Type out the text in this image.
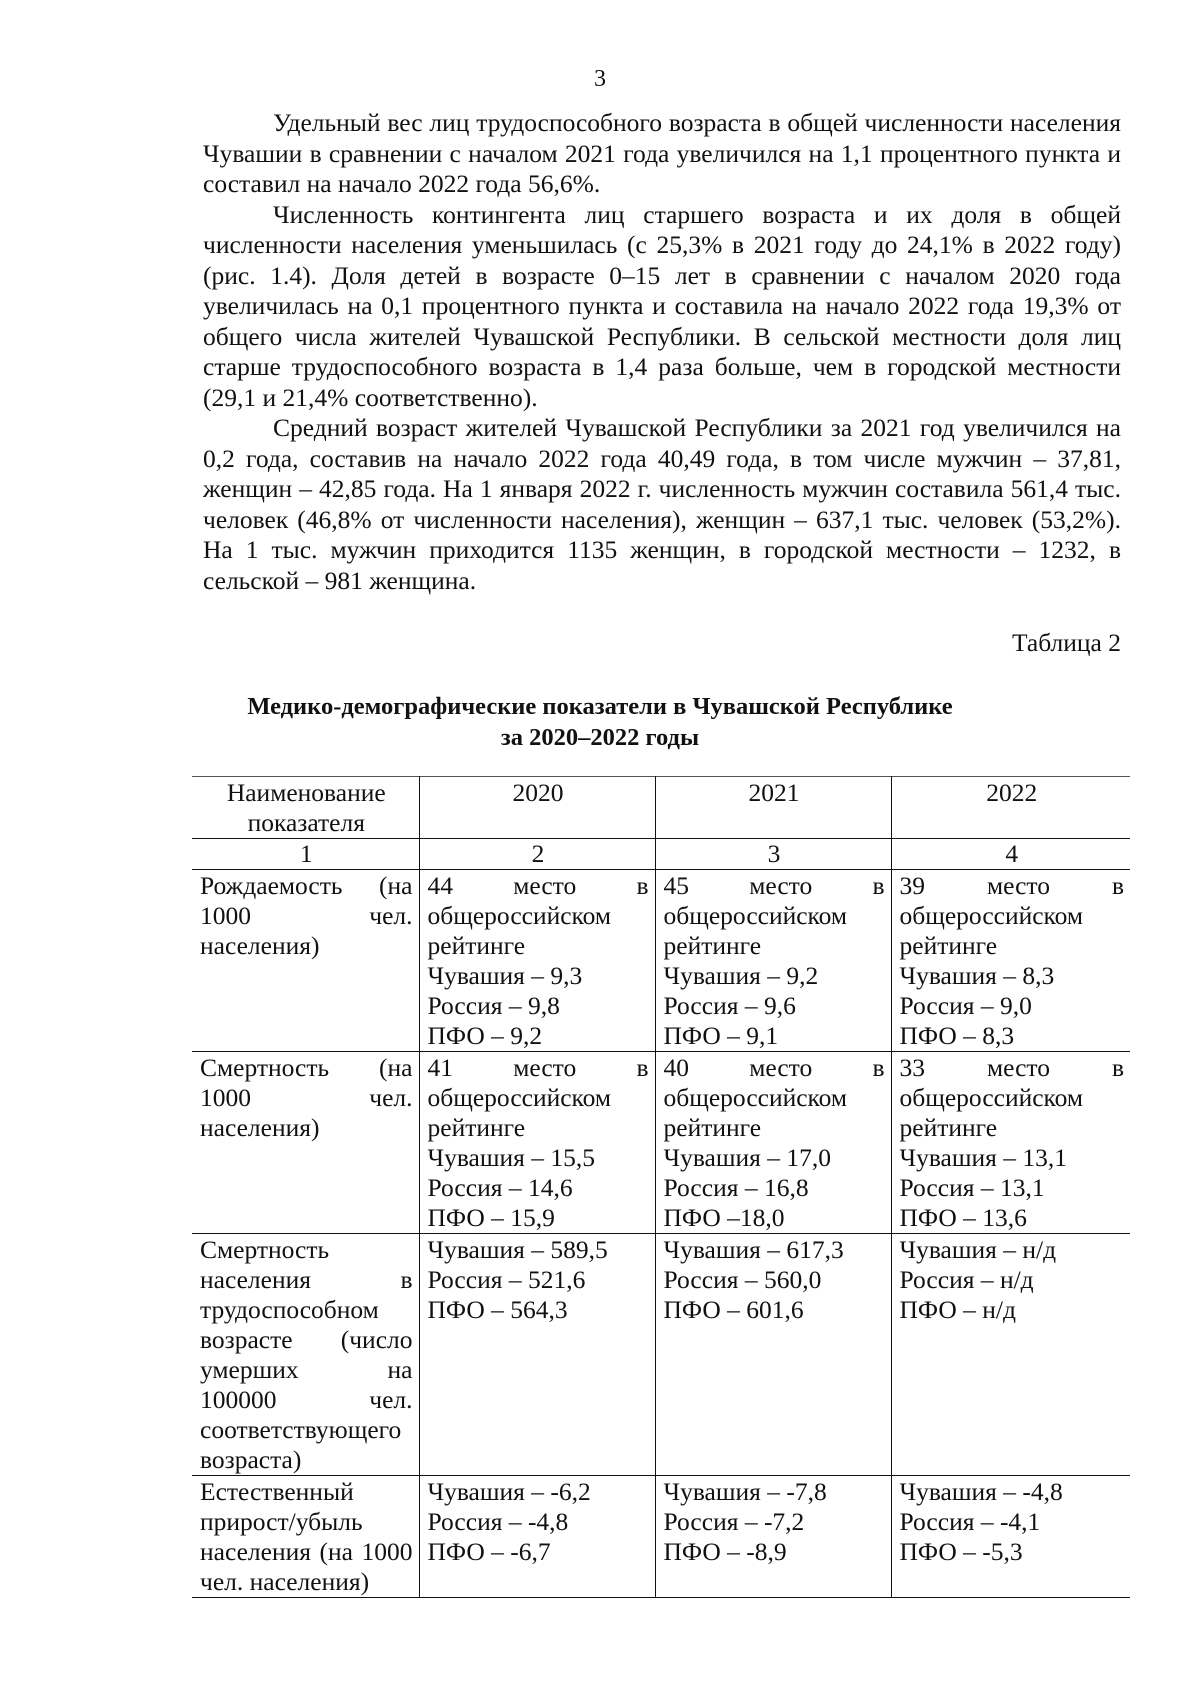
3

Удельный вес лиц трудоспособного возраста в общей численности населения Чувашии в сравнении с началом 2021 года увеличился на 1,1 процентного пункта и составил на начало 2022 года 56,6%.

Численность контингента лиц старшего возраста и их доля в общей численности населения уменьшилась (с 25,3% в 2021 году до 24,1% в 2022 году) (рис. 1.4). Доля детей в возрасте 0–15 лет в сравнении с началом 2020 года увеличилась на 0,1 процентного пункта и составила на начало 2022 года 19,3% от общего числа жителей Чувашской Республики. В сельской местности доля лиц старше трудоспособного возраста в 1,4 раза больше, чем в городской местности (29,1 и 21,4% соответственно).

Средний возраст жителей Чувашской Республики за 2021 год увеличился на 0,2 года, составив на начало 2022 года 40,49 года, в том числе мужчин – 37,81, женщин – 42,85 года. На 1 января 2022 г. численность мужчин составила 561,4 тыс. человек (46,8% от численности населения), женщин – 637,1 тыс. человек (53,2%). На 1 тыс. мужчин приходится 1135 женщин, в городской местности – 1232, в сельской – 981 женщина.

Таблица 2
Медико-демографические показатели в Чувашской Республике
за 2020–2022 годы
Наименование показателя	2020	2021	2022
1	2	3	4
Рождаемость (на 1000 чел. населения)	44 место в общероссийском рейтинге
Чувашия – 9,3
Россия – 9,8
ПФО – 9,2	45 место в общероссийском рейтинге
Чувашия – 9,2
Россия – 9,6
ПФО – 9,1	39 место в общероссийском рейтинге
Чувашия – 8,3
Россия – 9,0
ПФО – 8,3

Смертность (на 1000 чел. населения)	41 место в общероссийском рейтинге
Чувашия – 15,5
Россия – 14,6
ПФО – 15,9	40 место в общероссийском рейтинге
Чувашия – 17,0
Россия – 16,8
ПФО –18,0	33 место в общероссийском рейтинге
Чувашия – 13,1
Россия – 13,1
ПФО – 13,6

Смертность населения в трудоспособном возрасте (число умерших на 100000 чел. соответствующего возраста)	Чувашия – 589,5
Россия – 521,6
ПФО – 564,3	Чувашия – 617,3
Россия – 560,0
ПФО – 601,6	Чувашия – н/д
Россия – н/д
ПФО – н/д

Естественный прирост/убыль населения (на 1000 чел. населения)	Чувашия – -6,2
Россия – -4,8
ПФО – -6,7	Чувашия – -7,8
Россия – -7,2
ПФО – -8,9	Чувашия – -4,8
Россия – -4,1
ПФО – -5,3
